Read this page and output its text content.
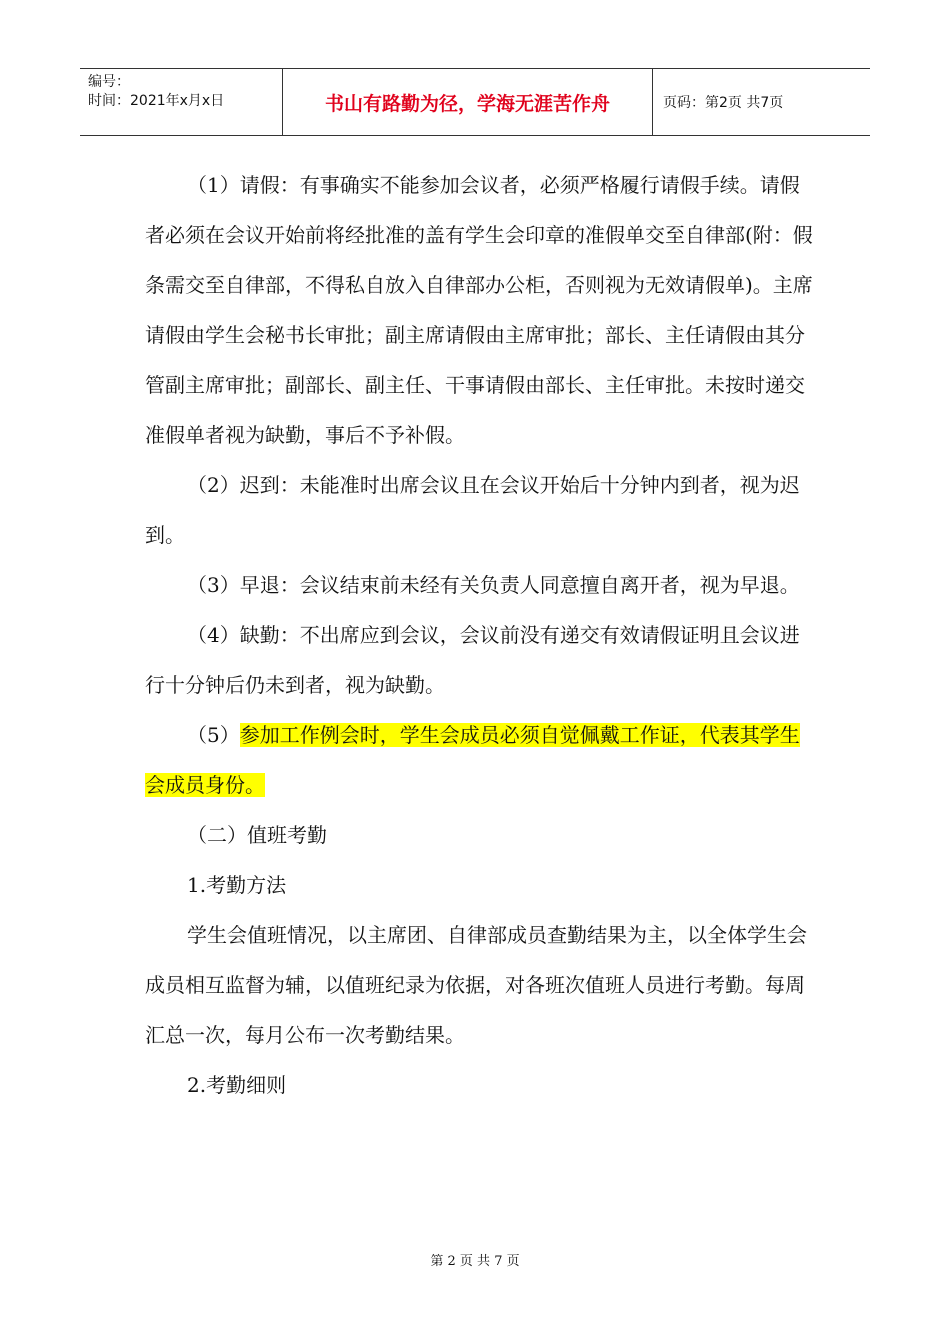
编号：
时间：2021年x月x日	书山有路勤为径，学海无涯苦作舟	页码：第2页 共7页

（1）请假：有事确实不能参加会议者，必须严格履行请假手续。请假者必须在会议开始前将经批准的盖有学生会印章的准假单交至自律部(附：假条需交至自律部，不得私自放入自律部办公柜，否则视为无效请假单)。主席请假由学生会秘书长审批；副主席请假由主席审批；部长、主任请假由其分管副主席审批；副部长、副主任、干事请假由部长、主任审批。未按时递交准假单者视为缺勤，事后不予补假。

（2）迟到：未能准时出席会议且在会议开始后十分钟内到者，视为迟到。

（3）早退：会议结束前未经有关负责人同意擅自离开者，视为早退。

（4）缺勤：不出席应到会议，会议前没有递交有效请假证明且会议进行十分钟后仍未到者，视为缺勤。

（5）参加工作例会时，学生会成员必须自觉佩戴工作证，代表其学生会成员身份。

（二）值班考勤

1.考勤方法

学生会值班情况，以主席团、自律部成员查勤结果为主，以全体学生会成员相互监督为辅，以值班纪录为依据，对各班次值班人员进行考勤。每周汇总一次，每月公布一次考勤结果。

2.考勤细则

第 2 页 共 7 页
